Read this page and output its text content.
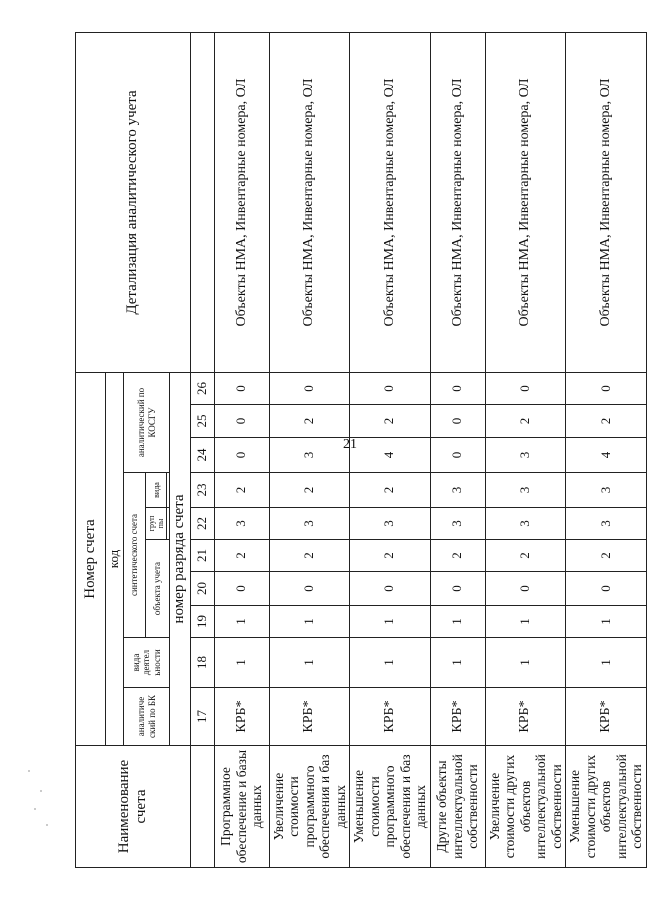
21
Наименование счета	Номер счета										Детализация аналитического учета
	код										
	аналитиче ский по БК	вида деятел ьности	синтетического счета					аналитический по КОСГУ			
			объекта учета			груп пы	вида				

	номер разряда счета										
	17	18	19	20	21	22	23	24	25	26	
Программное обеспечение и базы данных	КРБ*	1	1	0	2	3	2	0	0	0	Объекты НМА, Инвентарные номера, ОЛ
Увеличение стоимости программного обеспечения и баз данных	КРБ*	1	1	0	2	3	2	3	2	0	Объекты НМА, Инвентарные номера, ОЛ
Уменьшение стоимости программного обеспечения и баз данных	КРБ*	1	1	0	2	3	2	4	2	0	Объекты НМА, Инвентарные номера, ОЛ
Другие объекты интеллектуальной собственности	КРБ*	1	1	0	2	3	3	0	0	0	Объекты НМА, Инвентарные номера, ОЛ
Увеличение стоимости других объектов интеллектуальной собственности	КРБ*	1	1	0	2	3	3	3	2	0	Объекты НМА, Инвентарные номера, ОЛ
Уменьшение стоимости других объектов интеллектуальной собственности	КРБ*	1	1	0	2	3	3	4	2	0	Объекты НМА, Инвентарные номера, ОЛ
